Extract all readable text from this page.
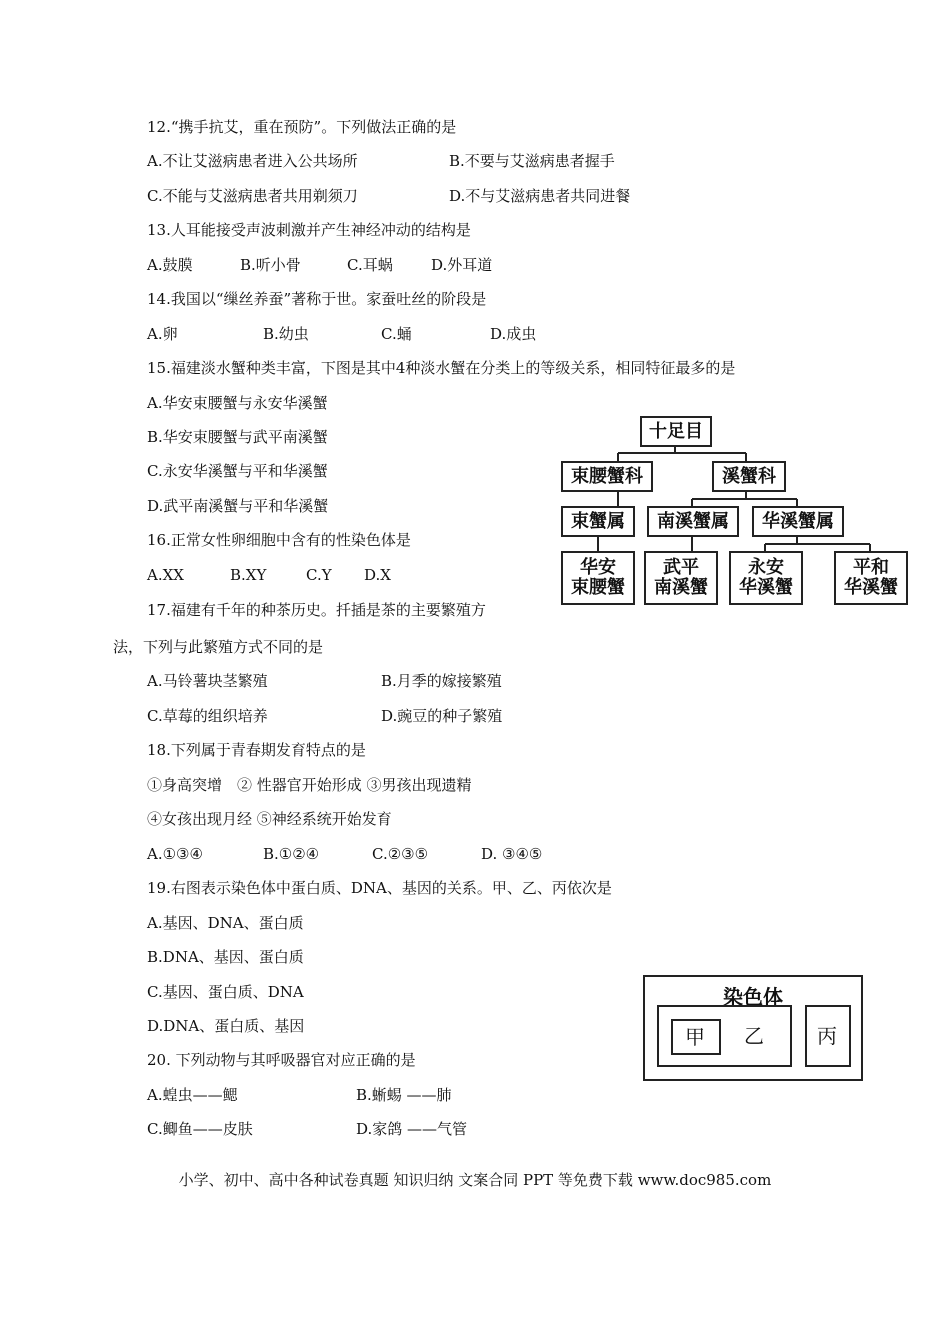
12.“携手抗艾，重在预防”。下列做法正确的是
A.不让艾滋病患者进入公共场所	B.不要与艾滋病患者握手
C.不能与艾滋病患者共用剃须刀	D.不与艾滋病患者共同进餐
13.人耳能接受声波刺激并产生神经冲动的结构是
A.鼓膜	B.听小骨	C.耳蜗	D.外耳道
14.我国以“缫丝养蚕”著称于世。家蚕吐丝的阶段是
A.卵	B.幼虫	C.蛹	D.成虫
15.福建淡水蟹种类丰富，下图是其中4种淡水蟹在分类上的等级关系，相同特征最多的是
A.华安束腰蟹与永安华溪蟹
B.华安束腰蟹与武平南溪蟹
C.永安华溪蟹与平和华溪蟹
D.武平南溪蟹与平和华溪蟹
十足目
束腰蟹科	溪蟹科
束蟹属	南溪蟹属	华溪蟹属
华安
束腰蟹
武平
南溪蟹
永安
华溪蟹
平和
华溪蟹
16.正常女性卵细胞中含有的性染色体是
A.XX	B.XY	C.Y D.X
17.福建有千年的种茶历史。扦插是茶的主要繁殖方
法，下列与此繁殖方式不同的是
A.马铃薯块茎繁殖	B.月季的嫁接繁殖
C.草莓的组织培养	D.豌豆的种子繁殖
18.下列属于青春期发育特点的是
①身高突增　② 性器官开始形成 ③男孩出现遗精
④女孩出现月经 ⑤神经系统开始发育
A.①③④	B.①②④	C.②③⑤	D. ③④⑤
19.右图表示染色体中蛋白质、DNA、基因的关系。甲、乙、丙依次是
A.基因、DNA、蛋白质
B.DNA、基因、蛋白质
C.基因、蛋白质、DNA
D.DNA、蛋白质、基因
染色体
甲 乙	丙
20. 下列动物与其呼吸器官对应正确的是
A.蝗虫——鳃	B.蜥蜴 ——肺
C.鲫鱼——皮肤	D.家鸽 ——气管
小学、初中、高中各种试卷真题 知识归纳 文案合同 PPT 等免费下载 www.doc985.com
